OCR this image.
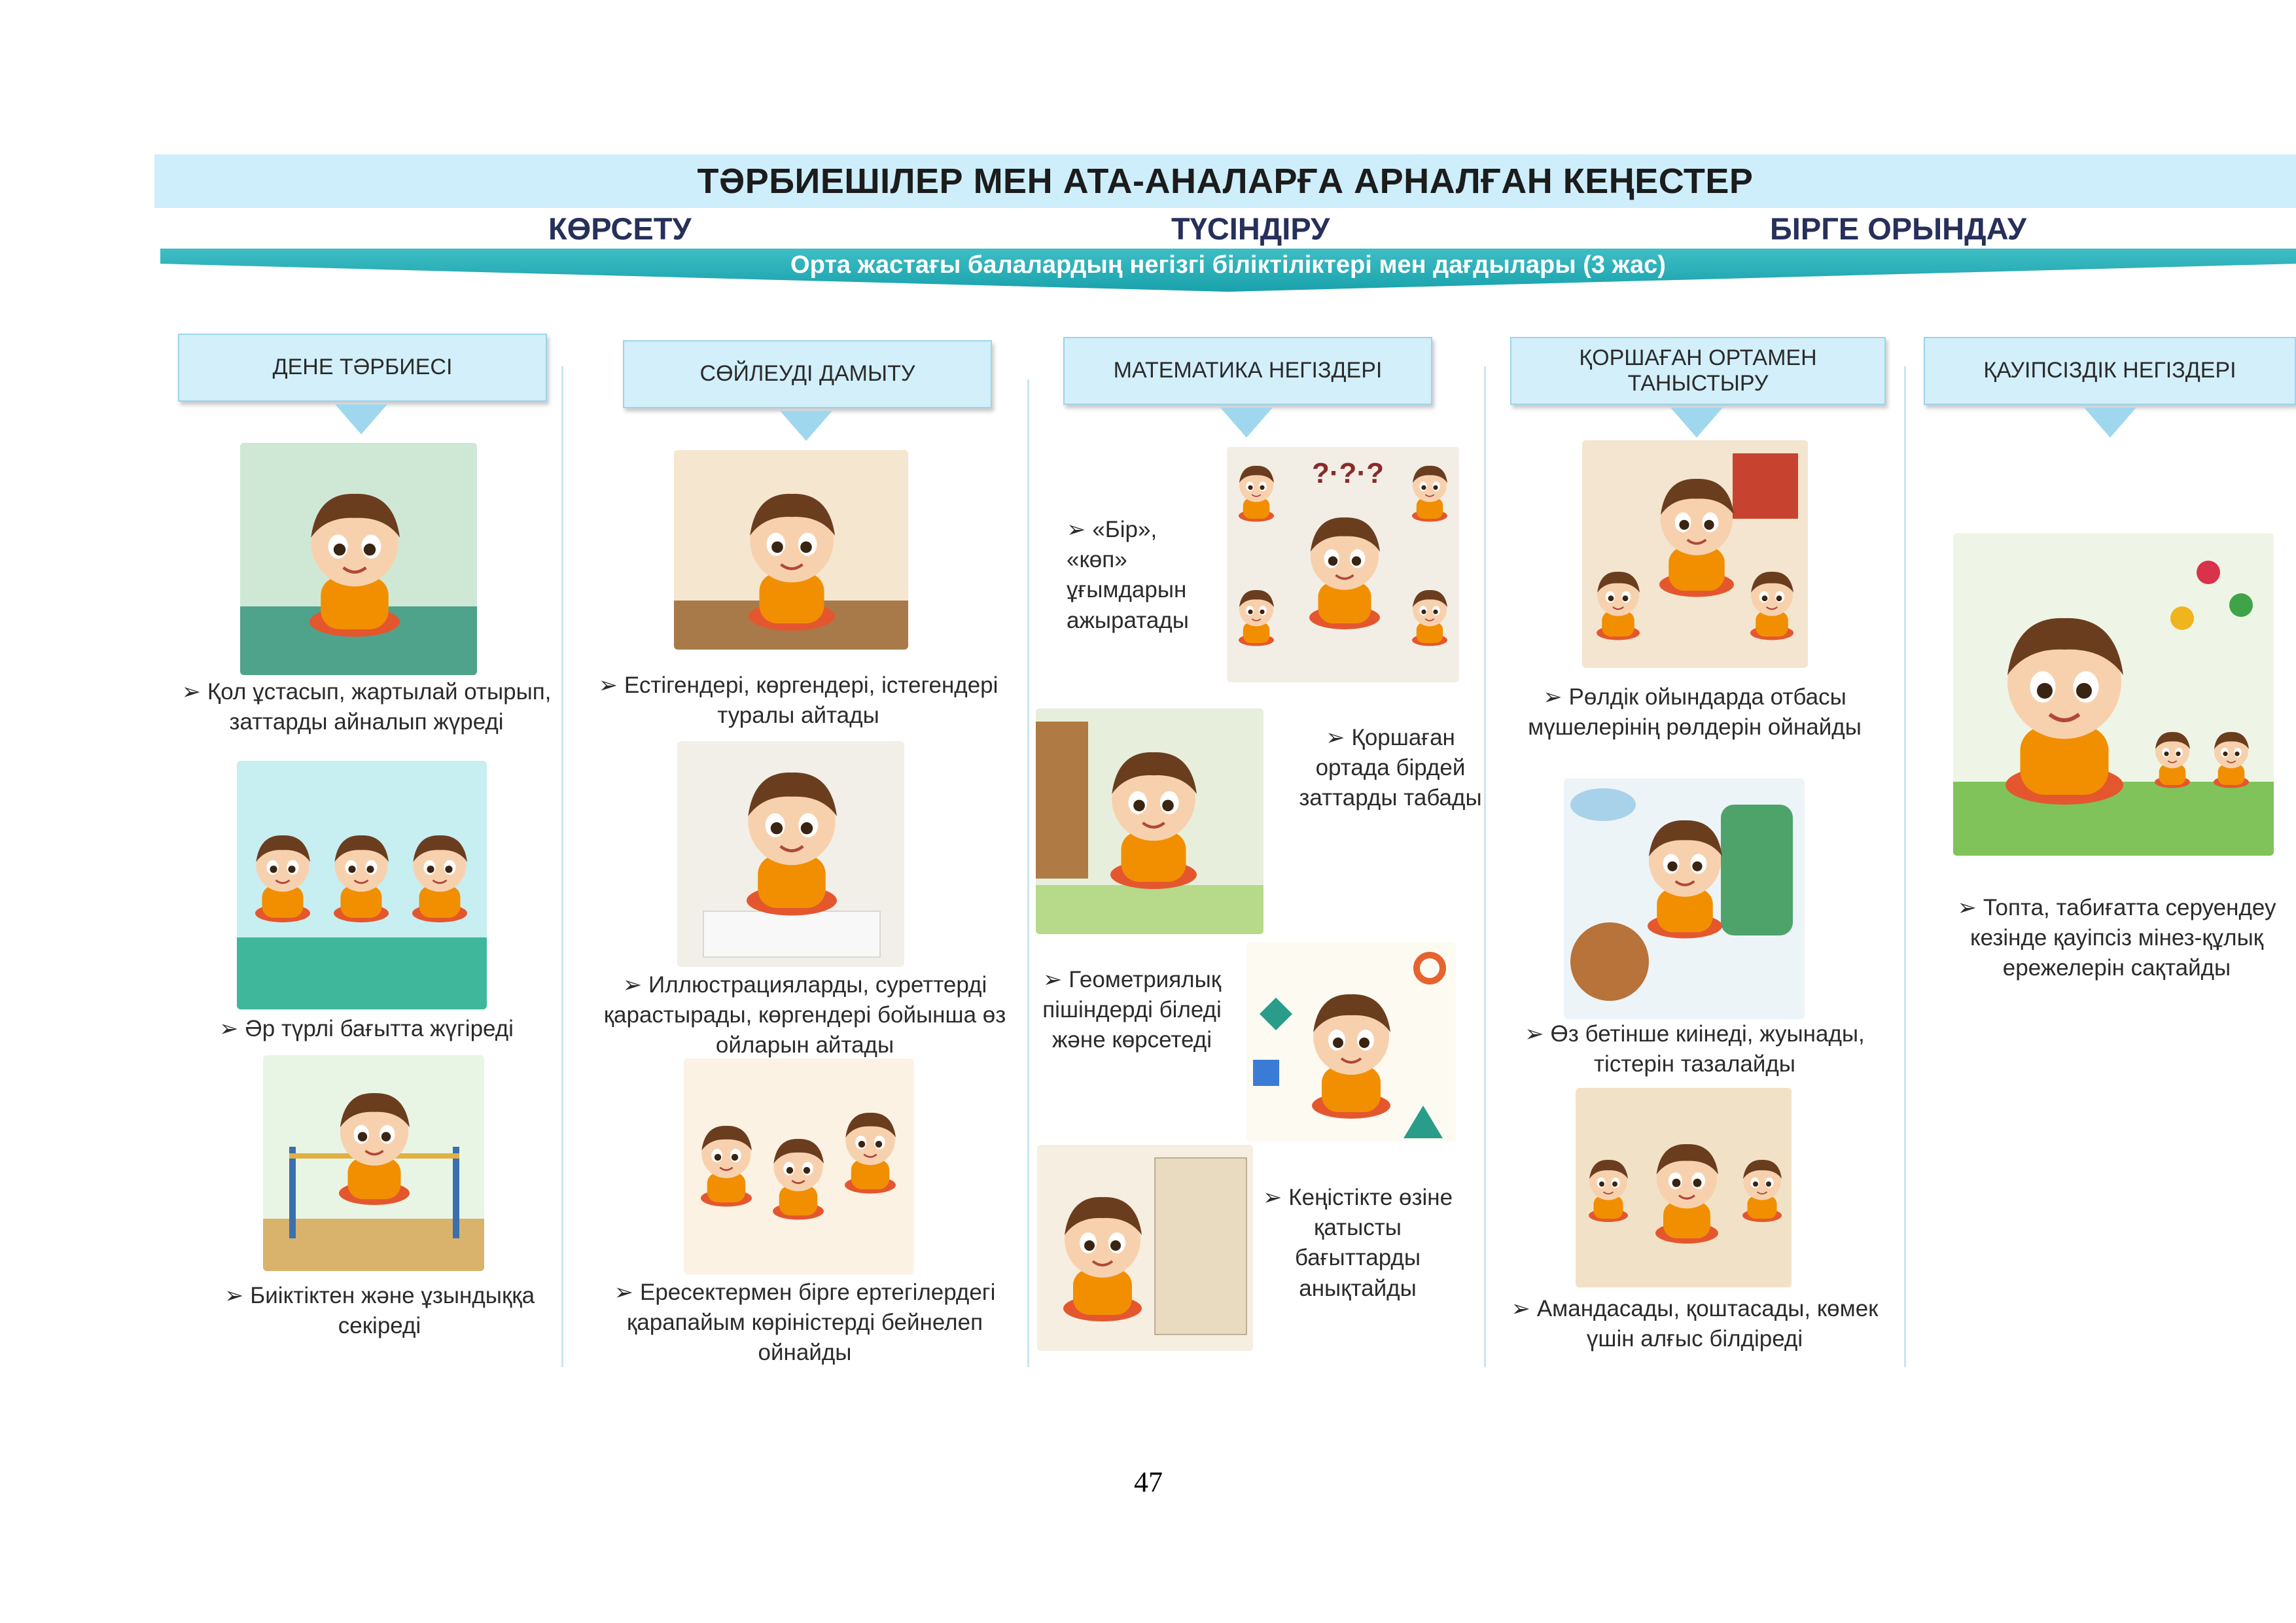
ТӘРБИЕШІЛЕР МЕН АТА-АНАЛАРҒА АРНАЛҒАН КЕҢЕСТЕР
КӨРСЕТУ	ТҮСІНДІРУ	БІРГЕ ОРЫНДАУ
Орта жастағы балалардың негізгі біліктіліктері мен дағдылары (3 жас)
ДЕНЕ ТӘРБИЕСІ	СӨЙЛЕУДІ ДАМЫТУ	МАТЕМАТИКА НЕГІЗДЕРІ
ҚОРШАҒАН ОРТАМЕН ТАНЫСТЫРУ
ҚАУІПСІЗДІК НЕГІЗДЕРІ
➢ Қол ұстасып, жартылай отырып, заттарды айналып жүреді
➢ Әр түрлі бағытта жүгіреді
➢ Биіктіктен және ұзындыққа секіреді
➢ Естігендері, көргендері, істегендері туралы айтады
➢ Иллюстрацияларды, суреттерді қарастырады, көргендері бойынша өз ойларын айтады
➢ Ересектермен бірге ертегілердегі қарапайым көріністерді бейнелеп ойнайды
➢ «Бір», «көп» ұғымдарын ажыратады
?·?·?
➢ Қоршаған ортада бірдей заттарды табады
➢ Геометриялық пішіндерді біледі және көрсетеді
➢ Кеңістікте өзіне қатысты бағыттарды анықтайды
➢ Рөлдік ойындарда отбасы мүшелерінің рөлдерін ойнайды
➢ Өз бетінше киінеді, жуынады, тістерін тазалайды
➢ Амандасады, қоштасады, көмек үшін алғыс білдіреді
➢ Топта, табиғатта серуендеу кезінде қауіпсіз мінез-құлық ережелерін сақтайды
47
